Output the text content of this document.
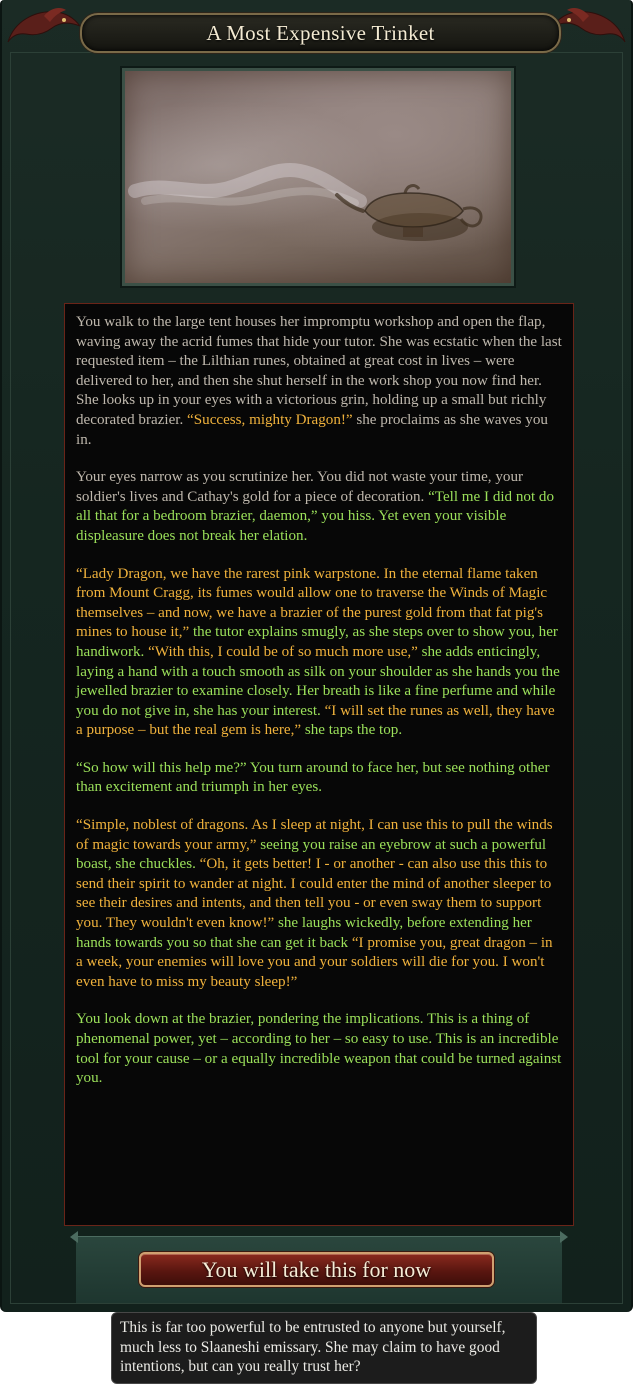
A Most Expensive Trinket

You walk to the large tent houses her impromptu workshop and open the flap, waving away the acrid fumes that hide your tutor. She was ecstatic when the last requested item – the Lilthian runes, obtained at great cost in lives – were delivered to her, and then she shut herself in the work shop you now find her. She looks up in your eyes with a victorious grin, holding up a small but richly decorated brazier. “Success, mighty Dragon!” she proclaims as she waves you in.

Your eyes narrow as you scrutinize her. You did not waste your time, your soldier's lives and Cathay's gold for a piece of decoration. “Tell me I did not do all that for a bedroom brazier, daemon,” you hiss. Yet even your visible displeasure does not break her elation.

“Lady Dragon, we have the rarest pink warpstone. In the eternal flame taken from Mount Cragg, its fumes would allow one to traverse the Winds of Magic themselves – and now, we have a brazier of the purest gold from that fat pig's mines to house it,” the tutor explains smugly, as she steps over to show you, her handiwork. “With this, I could be of so much more use,” she adds enticingly, laying a hand with a touch smooth as silk on your shoulder as she hands you the jewelled brazier to examine closely. Her breath is like a fine perfume and while you do not give in, she has your interest. “I will set the runes as well, they have a purpose – but the real gem is here,” she taps the top.

“So how will this help me?” You turn around to face her, but see nothing other than excitement and triumph in her eyes.

“Simple, noblest of dragons. As I sleep at night, I can use this to pull the winds of magic towards your army,” seeing you raise an eyebrow at such a powerful boast, she chuckles. “Oh, it gets better! I - or another - can also use this this to send their spirit to wander at night. I could enter the mind of another sleeper to see their desires and intents, and then tell you - or even sway them to support you. They wouldn't even know!” she laughs wickedly, before extending her hands towards you so that she can get it back “I promise you, great dragon – in a week, your enemies will love you and your soldiers will die for you. I won't even have to miss my beauty sleep!”

You look down at the brazier, pondering the implications. This is a thing of phenomenal power, yet – according to her – so easy to use. This is an incredible tool for your cause – or a equally incredible weapon that could be turned against you.

You will take this for now
This is far too powerful to be entrusted to anyone but yourself, much less to Slaaneshi emissary. She may claim to have good intentions, but can you really trust her?
